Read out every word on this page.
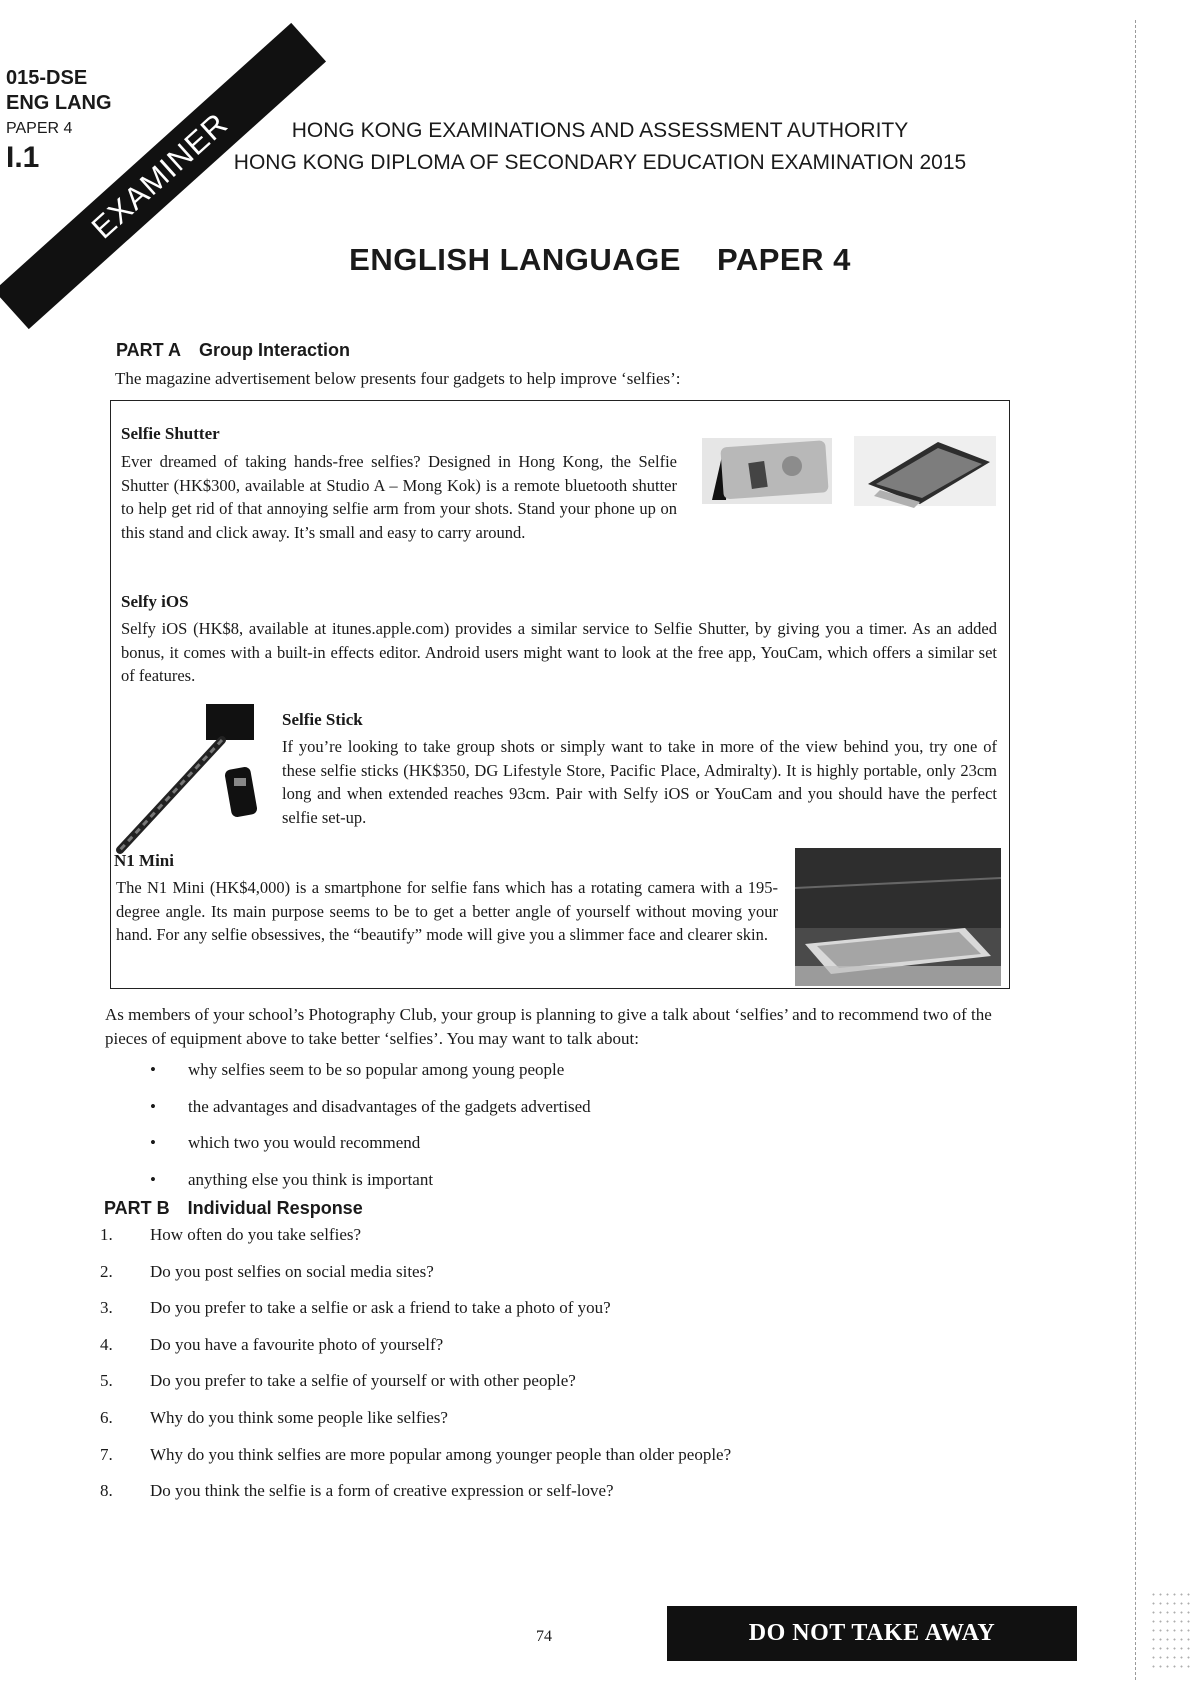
015-DSE
ENG LANG
PAPER 4
I.1	EXAMINER	HONG KONG EXAMINATIONS AND ASSESSMENT AUTHORITY
HONG KONG DIPLOMA OF SECONDARY EDUCATION EXAMINATION 2015
ENGLISH LANGUAGE PAPER 4
PART A Group Interaction
The magazine advertisement below presents four gadgets to help improve ‘selfies’:
Selfie Shutter
Ever dreamed of taking hands-free selfies? Designed in Hong Kong, the Selfie Shutter (HK$300, available at Studio A – Mong Kok) is a remote bluetooth shutter to help get rid of that annoying selfie arm from your shots. Stand your phone up on this stand and click away. It’s small and easy to carry around.
Selfy iOS
Selfy iOS (HK$8, available at itunes.apple.com) provides a similar service to Selfie Shutter, by giving you a timer. As an added bonus, it comes with a built-in effects editor. Android users might want to look at the free app, YouCam, which offers a similar set of features.
Selfie Stick
If you’re looking to take group shots or simply want to take in more of the view behind you, try one of these selfie sticks (HK$350, DG Lifestyle Store, Pacific Place, Admiralty). It is highly portable, only 23cm long and when extended reaches 93cm. Pair with Selfy iOS or YouCam and you should have the perfect selfie set-up.
N1 Mini
The N1 Mini (HK$4,000) is a smartphone for selfie fans which has a rotating camera with a 195-degree angle. Its main purpose seems to be to get a better angle of yourself without moving your hand. For any selfie obsessives, the “beautify” mode will give you a slimmer face and clearer skin.
As members of your school’s Photography Club, your group is planning to give a talk about ‘selfies’ and to recommend two of the pieces of equipment above to take better ‘selfies’. You may want to talk about:
•	why selfies seem to be so popular among young people
•	the advantages and disadvantages of the gadgets advertised
•	which two you would recommend
•	anything else you think is important
PART B Individual Response
1.	How often do you take selfies?
2.	Do you post selfies on social media sites?
3.	Do you prefer to take a selfie or ask a friend to take a photo of you?
4.	Do you have a favourite photo of yourself?
5.	Do you prefer to take a selfie of yourself or with other people?
6.	Why do you think some people like selfies?
7.	Why do you think selfies are more popular among younger people than older people?
8.	Do you think the selfie is a form of creative expression or self-love?
74	DO NOT TAKE AWAY
